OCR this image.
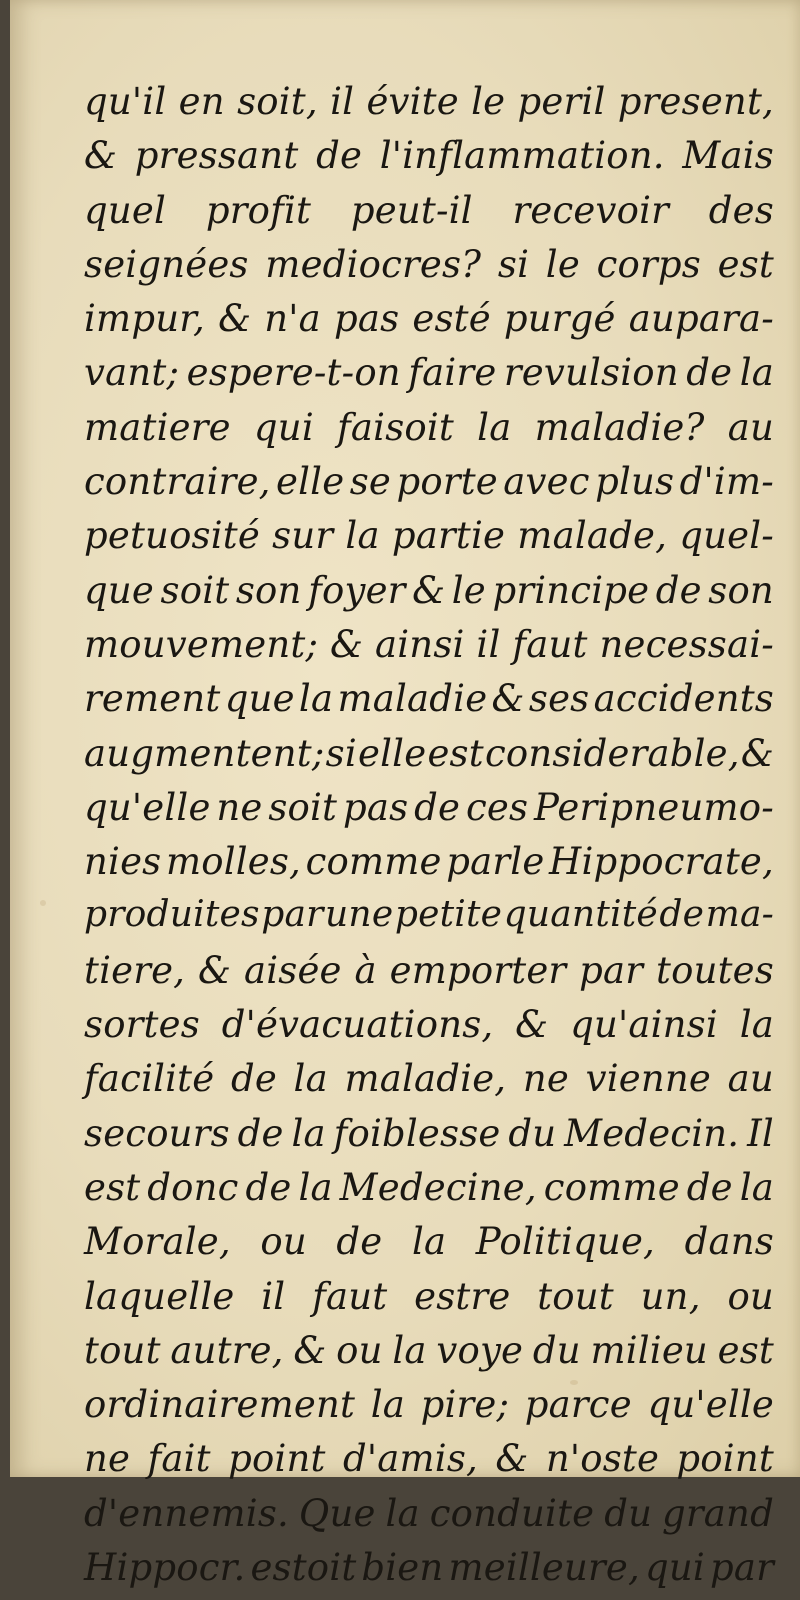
qu'il en soit, il évite le peril present,
& pressant de l'inflammation. Mais
quel profit peut-il recevoir des
seignées mediocres? si le corps est
impur, & n'a pas esté purgé aupara-
vant; espere-t-on faire revulsion de la
matiere qui faisoit la maladie? au
contraire, elle se porte avec plus d'im-
petuosité sur la partie malade, quel-
que soit son foyer & le principe de son
mouvement; & ainsi il faut necessai-
rement que la maladie & ses accidents
augmentent; si elle est considerable, &
qu'elle ne soit pas de ces Peripneumo-
nies molles, comme parle Hippocrate,
produites par une petite quantité de ma-
tiere, & aisée à emporter par toutes
sortes d'évacuations, & qu'ainsi la
facilité de la maladie, ne vienne au
secours de la foiblesse du Medecin. Il
est donc de la Medecine, comme de la
Morale, ou de la Politique, dans
laquelle il faut estre tout un, ou
tout autre, & ou la voye du milieu est
ordinairement la pire; parce qu'elle
ne fait point d'amis, & n'oste point
d'ennemis. Que la conduite du grand
Hippocr. estoit bien meilleure, qui par
